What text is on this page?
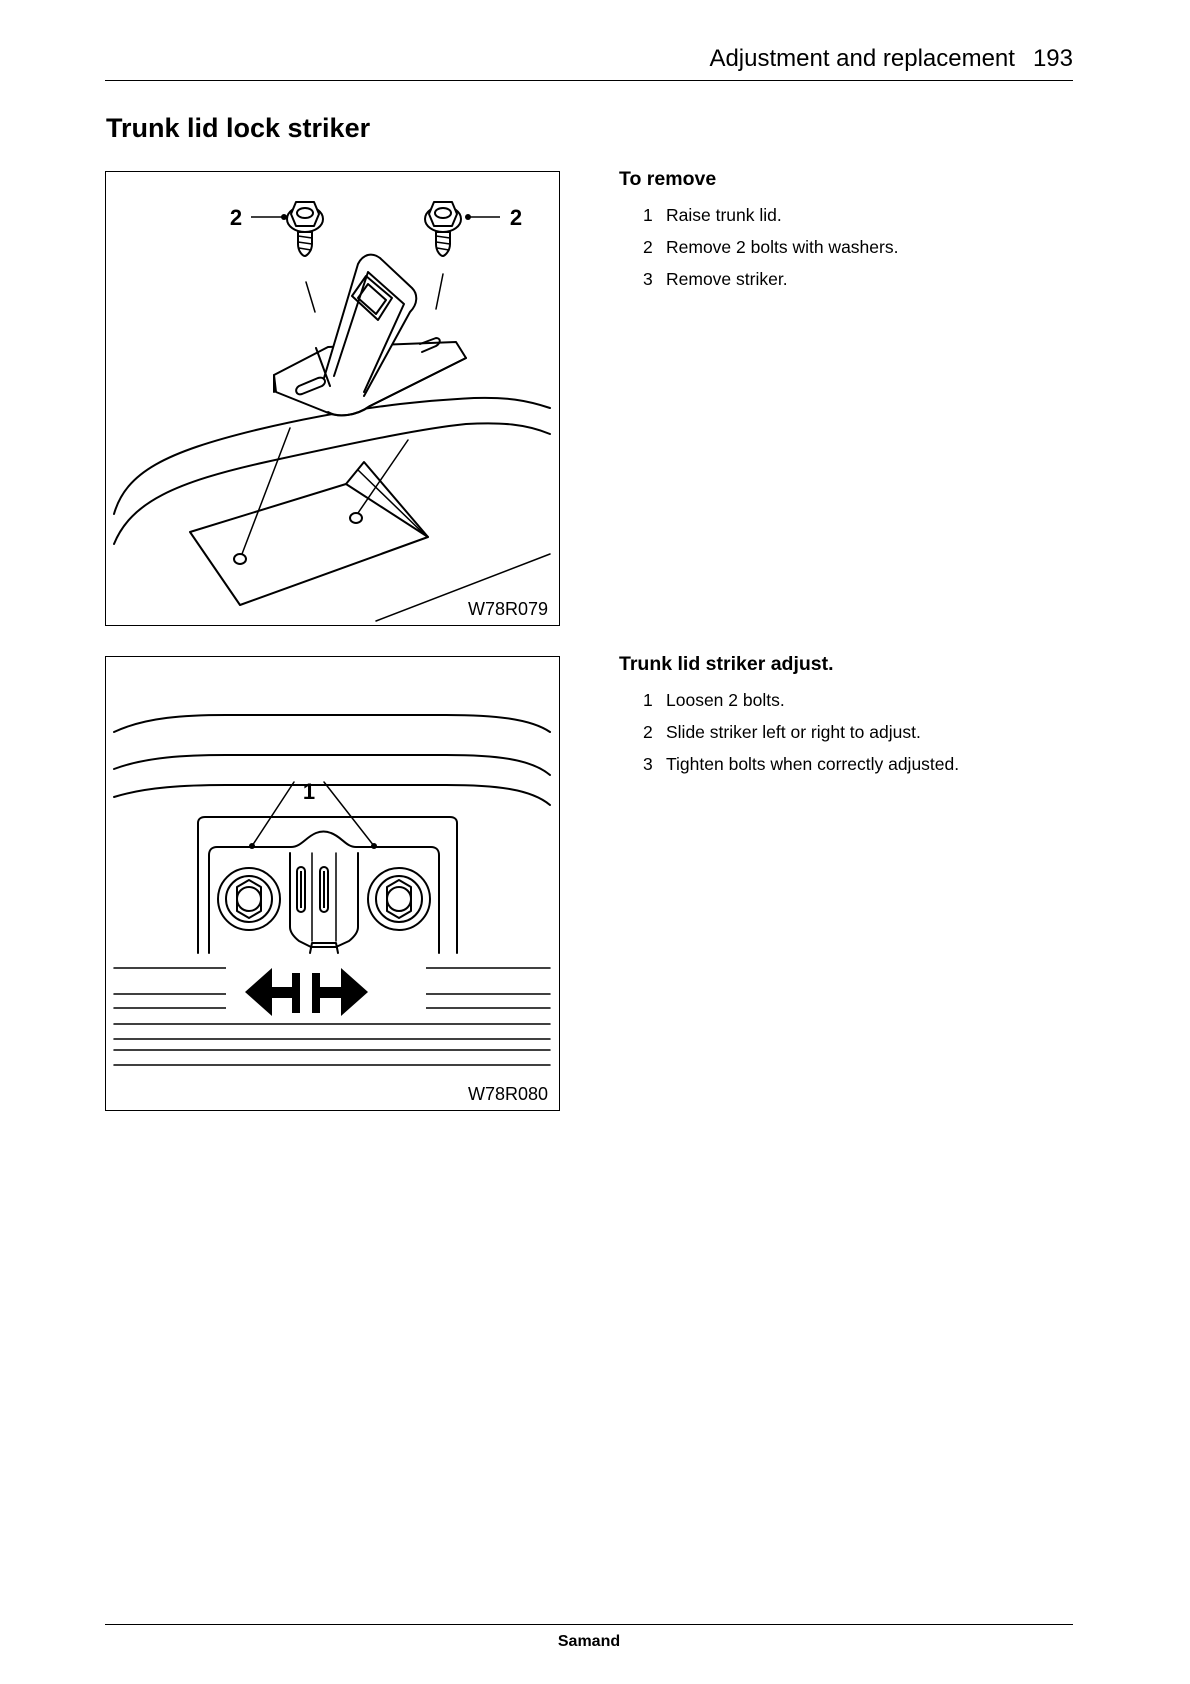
Adjustment and replacement 193
Trunk lid lock striker
2	2
W78R079
1
W78R080
To remove
1 Raise trunk lid.
2 Remove 2 bolts with washers.
3 Remove striker.
Trunk lid striker adjust.
1 Loosen 2 bolts.
2 Slide striker left or right to adjust.
3 Tighten bolts when correctly adjusted.
Samand
